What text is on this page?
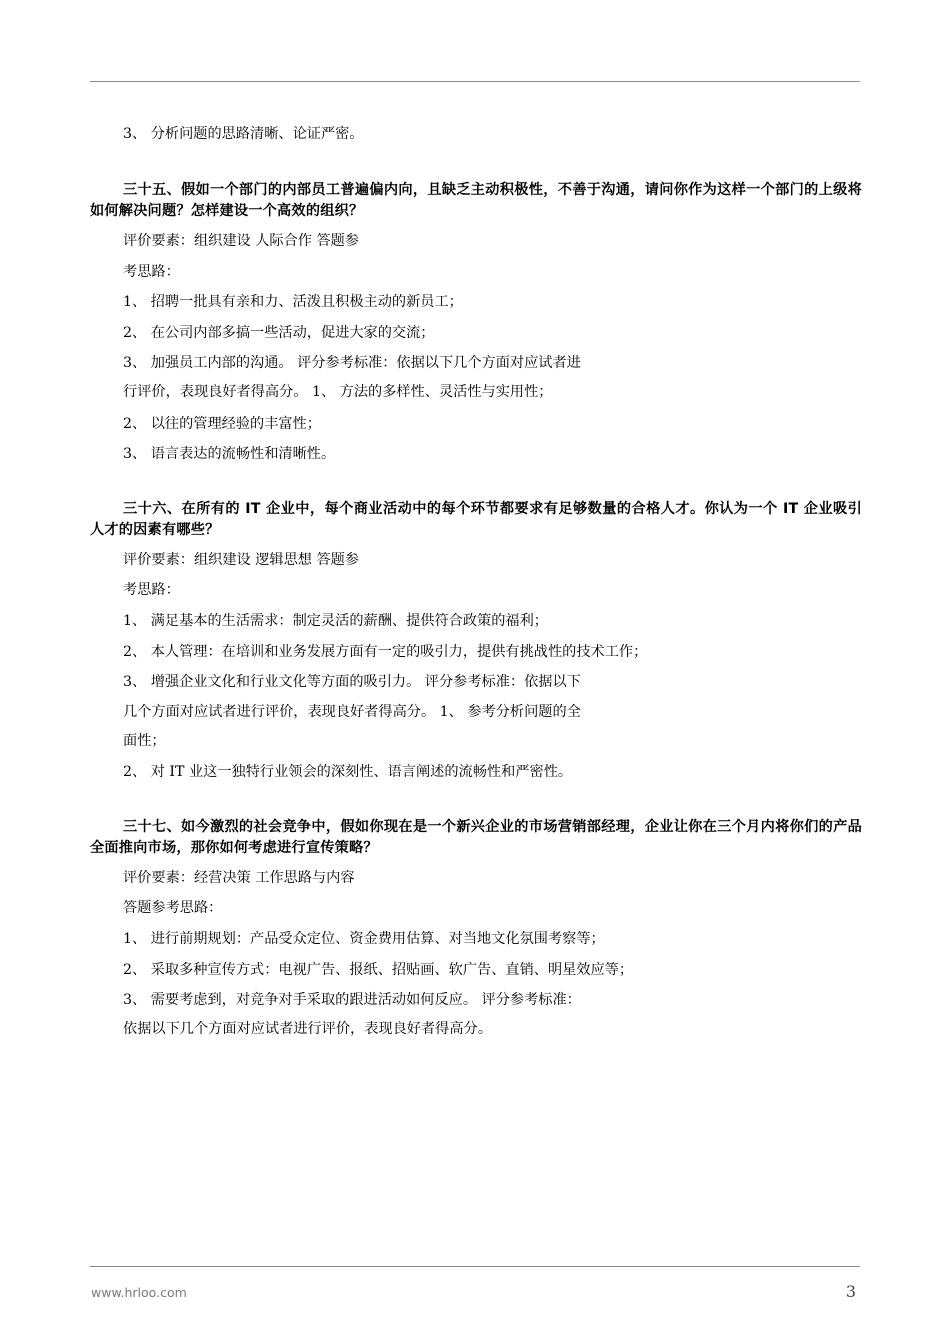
3、 分析问题的思路清晰、论证严密。
三十五、假如一个部门的内部员工普遍偏内向，且缺乏主动积极性，不善于沟通，请问你作为这样一个部门的上级将如何解决问题？怎样建设一个高效的组织？
评价要素：组织建设 人际合作 答题参
考思路：
1、 招聘一批具有亲和力、活泼且积极主动的新员工；
2、 在公司内部多搞一些活动，促进大家的交流；
3、 加强员工内部的沟通。 评分参考标准：依据以下几个方面对应试者进
行评价，表现良好者得高分。 1、 方法的多样性、灵活性与实用性；
2、 以往的管理经验的丰富性；
3、 语言表达的流畅性和清晰性。
三十六、在所有的 IT 企业中，每个商业活动中的每个环节都要求有足够数量的合格人才。你认为一个 IT 企业吸引人才的因素有哪些？
评价要素：组织建设 逻辑思想 答题参
考思路：
1、 满足基本的生活需求：制定灵活的薪酬、提供符合政策的福利；
2、 本人管理：在培训和业务发展方面有一定的吸引力，提供有挑战性的技术工作；
3、 增强企业文化和行业文化等方面的吸引力。 评分参考标准：依据以下
几个方面对应试者进行评价，表现良好者得高分。 1、 参考分析问题的全
面性；
2、 对 IT 业这一独特行业领会的深刻性、语言阐述的流畅性和严密性。
三十七、如今激烈的社会竞争中，假如你现在是一个新兴企业的市场营销部经理，企业让你在三个月内将你们的产品全面推向市场，那你如何考虑进行宣传策略？
评价要素：经营决策 工作思路与内容
答题参考思路：
1、 进行前期规划：产品受众定位、资金费用估算、对当地文化氛围考察等；
2、 采取多种宣传方式：电视广告、报纸、招贴画、软广告、直销、明星效应等；
3、 需要考虑到，对竞争对手采取的跟进活动如何反应。 评分参考标准：
依据以下几个方面对应试者进行评价，表现良好者得高分。
www.hrloo.com	3
